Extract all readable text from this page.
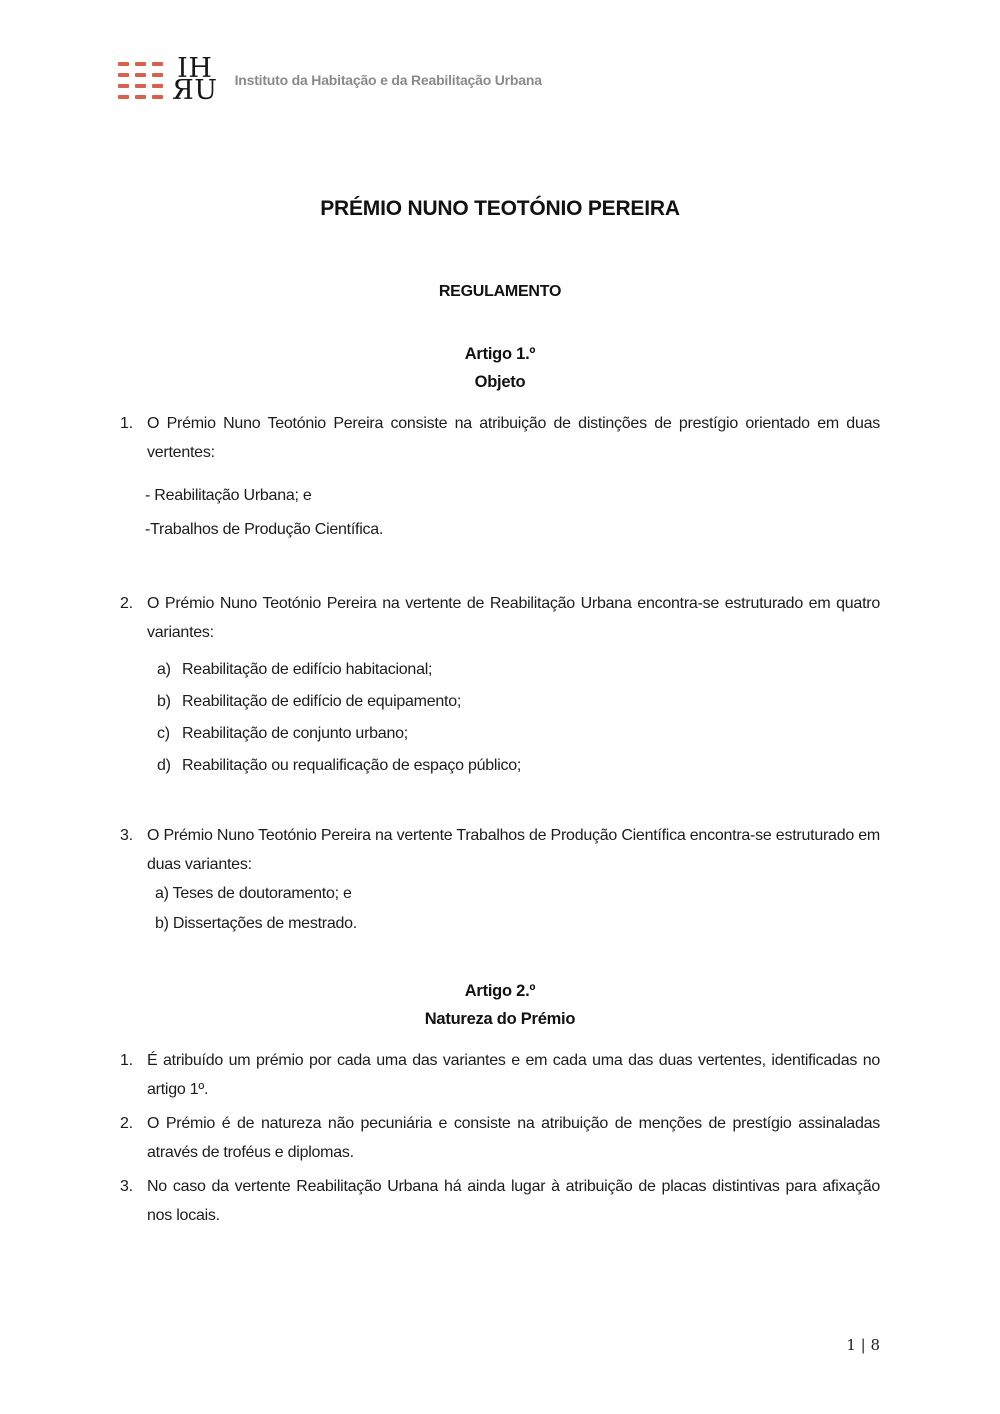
IH
ЯU Instituto da Habitação e da Reabilitação Urbana
PRÉMIO NUNO TEOTÓNIO PEREIRA
REGULAMENTO
Artigo 1.º
Objeto
1. O Prémio Nuno Teotónio Pereira consiste na atribuição de distinções de prestígio orientado em duas vertentes:
- Reabilitação Urbana; e
-Trabalhos de Produção Científica.
2. O Prémio Nuno Teotónio Pereira na vertente de Reabilitação Urbana encontra-se estruturado em quatro variantes:
a) Reabilitação de edifício habitacional;
b) Reabilitação de edifício de equipamento;
c) Reabilitação de conjunto urbano;
d) Reabilitação ou requalificação de espaço público;
3. O Prémio Nuno Teotónio Pereira na vertente Trabalhos de Produção Científica encontra-se estruturado em duas variantes:
a) Teses de doutoramento; e
b) Dissertações de mestrado.
Artigo 2.º
Natureza do Prémio
1. É atribuído um prémio por cada uma das variantes e em cada uma das duas vertentes, identificadas no artigo 1º.
2. O Prémio é de natureza não pecuniária e consiste na atribuição de menções de prestígio assinaladas através de troféus e diplomas.
3. No caso da vertente Reabilitação Urbana há ainda lugar à atribuição de placas distintivas para afixação nos locais.
1 | 8
